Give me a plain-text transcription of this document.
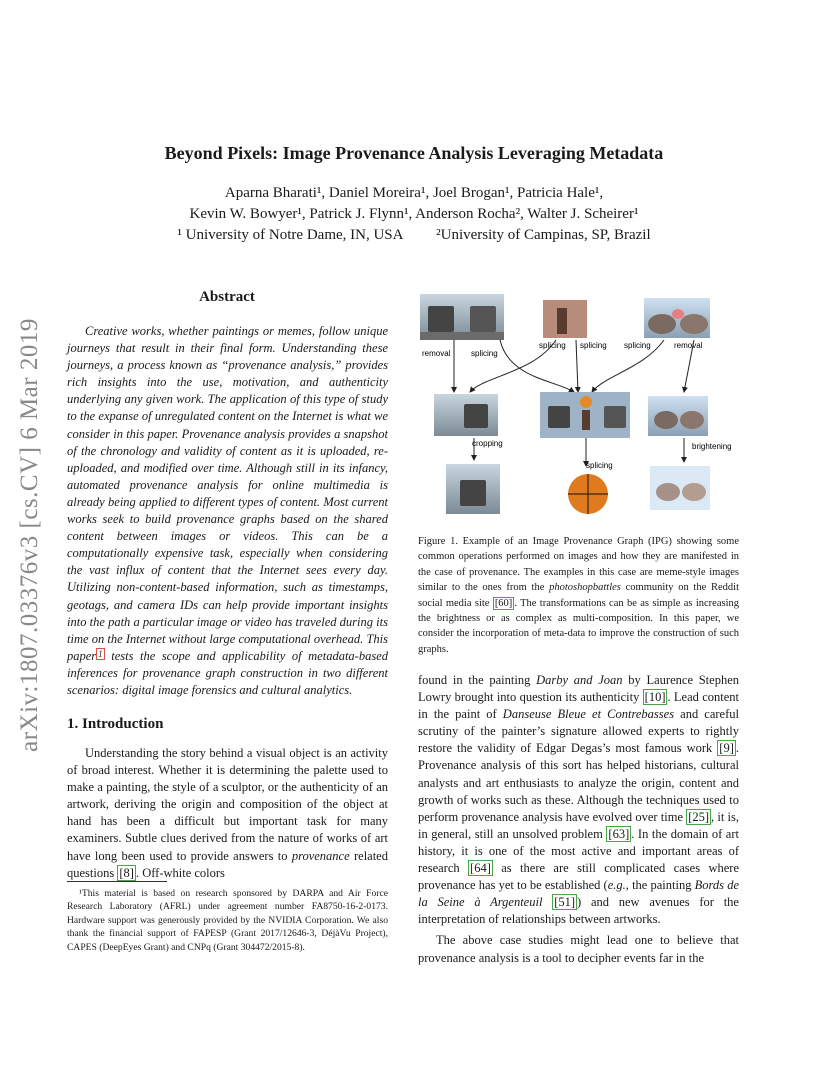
arXiv:1807.03376v3 [cs.CV] 6 Mar 2019
Beyond Pixels: Image Provenance Analysis Leveraging Metadata
Aparna Bharati¹, Daniel Moreira¹, Joel Brogan¹, Patricia Hale¹,
Kevin W. Bowyer¹, Patrick J. Flynn¹, Anderson Rocha², Walter J. Scheirer¹
¹ University of Notre Dame, IN, USA ²University of Campinas, SP, Brazil
Abstract

Creative works, whether paintings or memes, follow unique journeys that result in their final form. Understanding these journeys, a process known as “provenance analysis,” provides rich insights into the use, motivation, and authenticity underlying any given work. The application of this type of study to the expanse of unregulated content on the Internet is what we consider in this paper. Provenance analysis provides a snapshot of the chronology and validity of content as it is uploaded, re-uploaded, and modified over time. Although still in its infancy, automated provenance analysis for online multimedia is already being applied to different types of content. Most current works seek to build provenance graphs based on the shared content between images or videos. This can be a computationally expensive task, especially when considering the vast influx of content that the Internet sees every day. Utilizing non-content-based information, such as timestamps, geotags, and camera IDs can help provide important insights into the path a particular image or video has traveled during its time on the Internet without large computational overhead. This paper $^1$ tests the scope and applicability of metadata-based inferences for provenance graph construction in two different scenarios: digital image forensics and cultural analytics.

1. Introduction

Understanding the story behind a visual object is an activity of broad interest. Whether it is determining the palette used to make a painting, the style of a sculptor, or the authenticity of an artwork, deriving the origin and composition of the object at hand has been a difficult but important task for many examiners. Subtle clues derived from the nature of works of art have long been used to provide answers to provenance related questions [8] . Off-white colors

¹This material is based on research sponsored by DARPA and Air Force Research Laboratory (AFRL) under agreement number FA8750-16-2-0173. Hardware support was generously provided by the NVIDIA Corporation. We also thank the financial support of FAPESP (Grant 2017/12646-3, DéjàVu Project), CAPES (DeepEyes Grant) and CNPq (Grant 304472/2015-8).

removal	splicing
splicing splicing splicing	removal
cropping
splicing
brightening

Figure 1. Example of an Image Provenance Graph (IPG) showing some common operations performed on images and how they are manifested in the case of provenance. The examples in this case are meme-style images similar to the ones from the photoshopbattles community on the Reddit social media site [60] . The transformations can be as simple as increasing the brightness or as complex as multi-composition. In this paper, we consider the incorporation of meta-data to improve the construction of such graphs.

found in the painting Darby and Joan by Laurence Stephen Lowry brought into question its authenticity [10] . Lead content in the paint of Danseuse Bleue et Contrebasses and careful scrutiny of the painter’s signature allowed experts to rightly restore the validity of Edgar Degas’s most famous work [9] . Provenance analysis of this sort has helped historians, cultural analysts and art enthusiasts to analyze the origin, content and growth of works such as these. Although the techniques used to perform provenance analysis have evolved over time [25] , it is, in general, still an unsolved problem [63] . In the domain of art history, it is one of the most active and important areas of research [64] as there are still complicated cases where provenance has yet to be established (e.g., the painting Bords de la Seine à Argenteuil [51] ) and new avenues for the interpretation of relationships between artworks.

The above case studies might lead one to believe that provenance analysis is a tool to decipher events far in the
